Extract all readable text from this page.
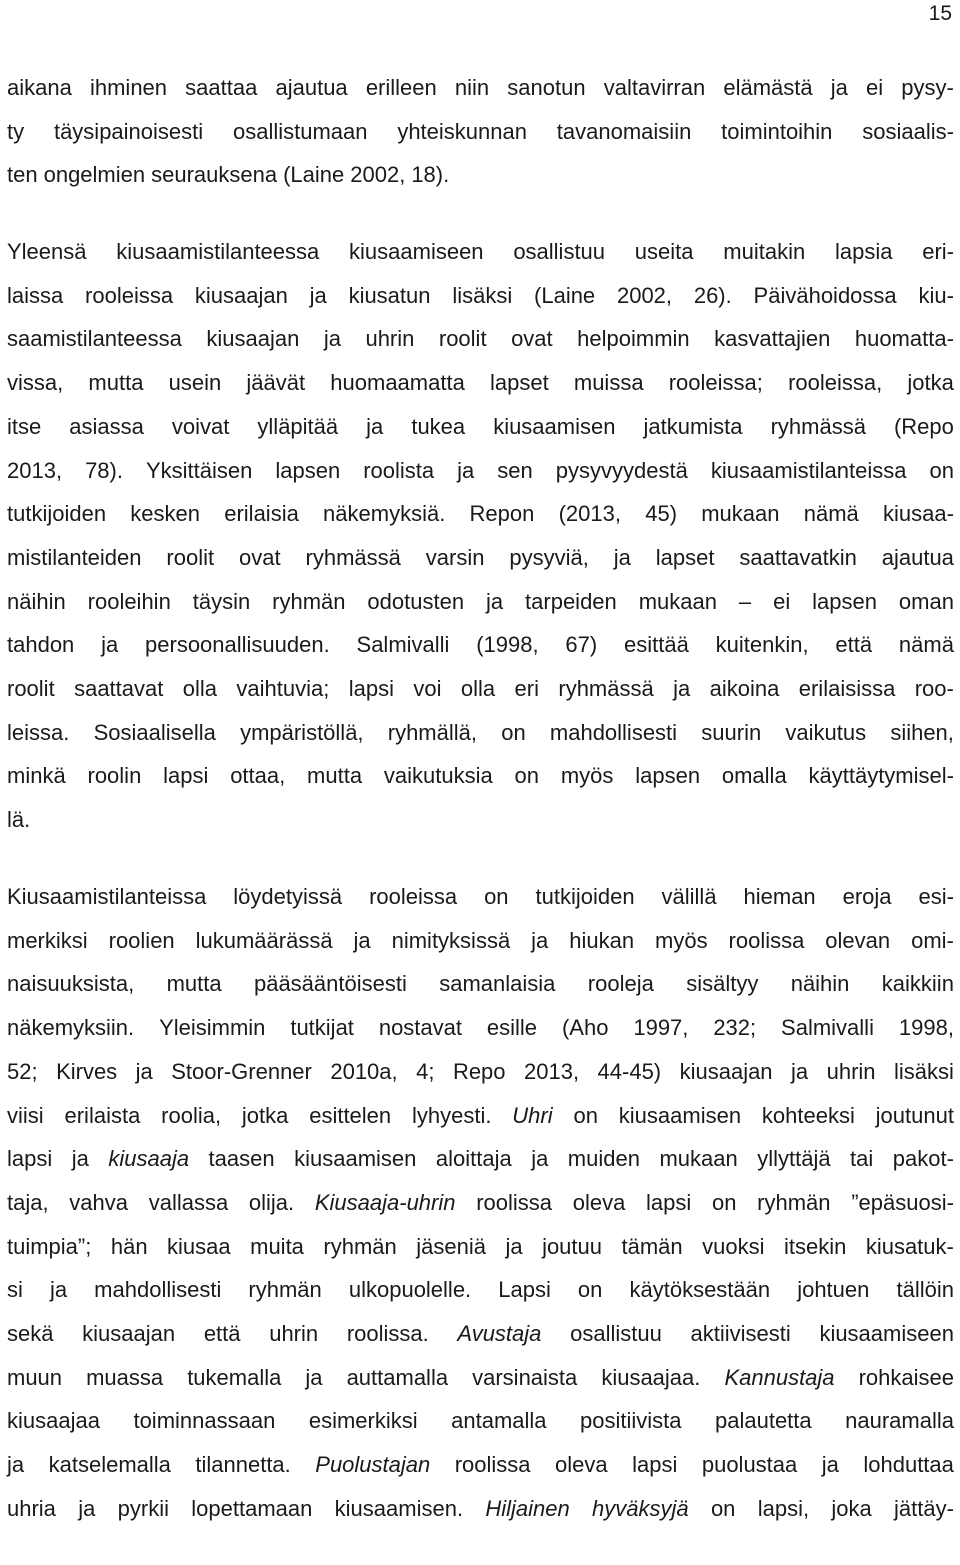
15
aikana ihminen saattaa ajautua erilleen niin sanotun valtavirran elämästä ja ei pysy-
ty täysipainoisesti osallistumaan yhteiskunnan tavanomaisiin toimintoihin sosiaalis-
ten ongelmien seurauksena (Laine 2002, 18).
Yleensä kiusaamistilanteessa kiusaamiseen osallistuu useita muitakin lapsia eri-
laissa rooleissa kiusaajan ja kiusatun lisäksi (Laine 2002, 26). Päivähoidossa kiu-
saamistilanteessa kiusaajan ja uhrin roolit ovat helpoimmin kasvattajien huomatta-
vissa, mutta usein jäävät huomaamatta lapset muissa rooleissa; rooleissa, jotka
itse asiassa voivat ylläpitää ja tukea kiusaamisen jatkumista ryhmässä (Repo
2013, 78). Yksittäisen lapsen roolista ja sen pysyvyydestä kiusaamistilanteissa on
tutkijoiden kesken erilaisia näkemyksiä. Repon (2013, 45) mukaan nämä kiusaa-
mistilanteiden roolit ovat ryhmässä varsin pysyviä, ja lapset saattavatkin ajautua
näihin rooleihin täysin ryhmän odotusten ja tarpeiden mukaan – ei lapsen oman
tahdon ja persoonallisuuden. Salmivalli (1998, 67) esittää kuitenkin, että nämä
roolit saattavat olla vaihtuvia; lapsi voi olla eri ryhmässä ja aikoina erilaisissa roo-
leissa. Sosiaalisella ympäristöllä, ryhmällä, on mahdollisesti suurin vaikutus siihen,
minkä roolin lapsi ottaa, mutta vaikutuksia on myös lapsen omalla käyttäytymisel-
lä.
Kiusaamistilanteissa löydetyissä rooleissa on tutkijoiden välillä hieman eroja esi-
merkiksi roolien lukumäärässä ja nimityksissä ja hiukan myös roolissa olevan omi-
naisuuksista, mutta pääsääntöisesti samanlaisia rooleja sisältyy näihin kaikkiin
näkemyksiin. Yleisimmin tutkijat nostavat esille (Aho 1997, 232; Salmivalli 1998,
52; Kirves ja Stoor-Grenner 2010a, 4; Repo 2013, 44-45) kiusaajan ja uhrin lisäksi
viisi erilaista roolia, jotka esittelen lyhyesti. Uhri on kiusaamisen kohteeksi joutunut
lapsi ja kiusaaja taasen kiusaamisen aloittaja ja muiden mukaan yllyttäjä tai pakot-
taja, vahva vallassa olija. Kiusaaja-uhrin roolissa oleva lapsi on ryhmän ”epäsuosi-
tuimpia”; hän kiusaa muita ryhmän jäseniä ja joutuu tämän vuoksi itsekin kiusatuk-
si ja mahdollisesti ryhmän ulkopuolelle. Lapsi on käytöksestään johtuen tällöin
sekä kiusaajan että uhrin roolissa. Avustaja osallistuu aktiivisesti kiusaamiseen
muun muassa tukemalla ja auttamalla varsinaista kiusaajaa. Kannustaja rohkaisee
kiusaajaa toiminnassaan esimerkiksi antamalla positiivista palautetta nauramalla
ja katselemalla tilannetta. Puolustajan roolissa oleva lapsi puolustaa ja lohduttaa
uhria ja pyrkii lopettamaan kiusaamisen. Hiljainen hyväksyjä on lapsi, joka jättäy-
